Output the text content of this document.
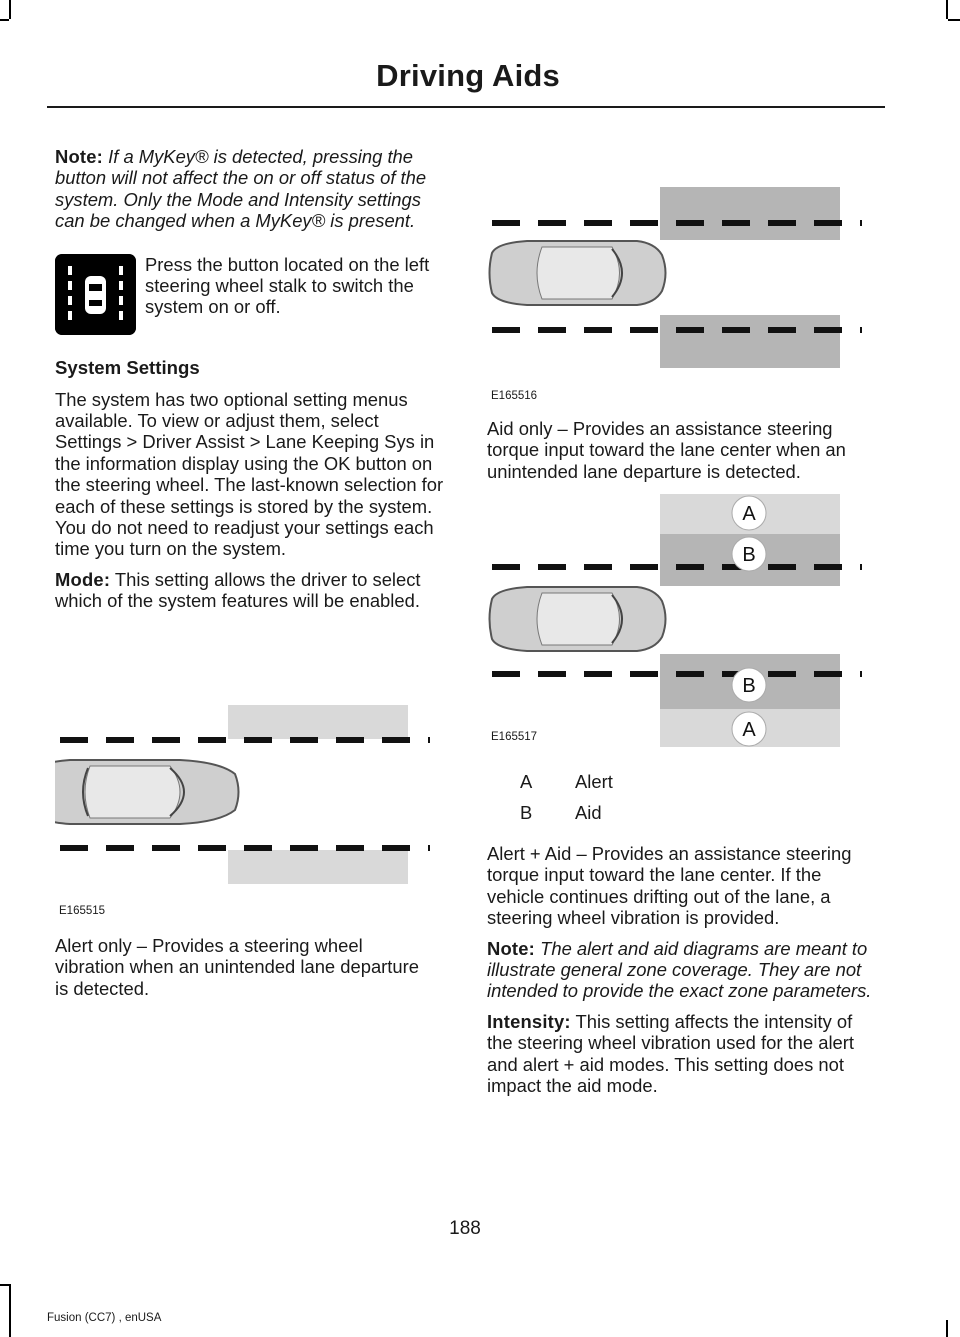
Driving Aids

Note: If a MyKey® is detected, pressing the button will not affect the on or off status of the system. Only the Mode and Intensity settings can be changed when a MyKey® is present.

Press the button located on the left steering wheel stalk to switch the system on or off.

System Settings

The system has two optional setting menus available. To view or adjust them, select Settings > Driver Assist > Lane Keeping Sys in the information display using the OK button on the steering wheel. The last-known selection for each of these settings is stored by the system. You do not need to readjust your settings each time you turn on the system.

Mode: This setting allows the driver to select which of the system features will be enabled.

E165515

Alert only – Provides a steering wheel vibration when an unintended lane departure is detected.

E165516

Aid only – Provides an assistance steering torque input toward the lane center when an unintended lane departure is detected.

A
B
B
A
E165517
A	Alert
B	Aid

Alert + Aid – Provides an assistance steering torque input toward the lane center. If the vehicle continues drifting out of the lane, a steering wheel vibration is provided.

Note: The alert and aid diagrams are meant to illustrate general zone coverage. They are not intended to provide the exact zone parameters.

Intensity: This setting affects the intensity of the steering wheel vibration used for the alert and alert + aid modes. This setting does not impact the aid mode.

188
Fusion (CC7) , enUSA
